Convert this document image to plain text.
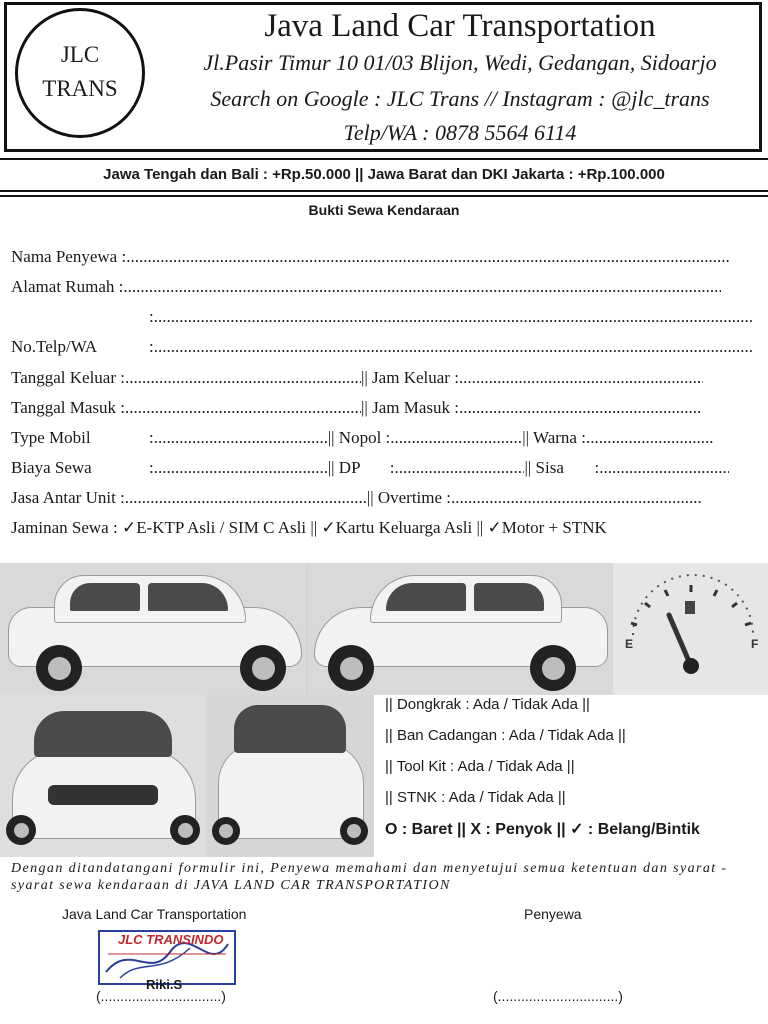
JLC
TRANS
Java Land Car Transportation
Jl.Pasir Timur 10 01/03 Blijon, Wedi, Gedangan, Sidoarjo
Search on Google : JLC Trans // Instagram : @jlc_trans
Telp/WA : 0878 5564 6114
Jawa Tengah dan Bali : +Rp.50.000 || Jawa Barat dan DKI Jakarta : +Rp.100.000
Bukti Sewa Kendaraan
Nama Penyewa :.....
Alamat Rumah :.....
:.....
No.Telp/WA	:.....
Tanggal Keluar : .....	|| Jam Keluar :.....
Tanggal Masuk : .....	|| Jam Masuk :.....
Type Mobil	: .....	|| Nopol : .....	|| Warna :.....
Biaya Sewa	: .....	|| DP : .....	|| Sisa :.....
Jasa Antar Unit : .....	|| Overtime :.....
Jaminan Sewa : ✓E-KTP Asli / SIM C Asli || ✓Kartu Keluarga Asli || ✓Motor + STNK
E	F
|| Dongkrak : Ada / Tidak Ada ||
|| Ban Cadangan : Ada / Tidak Ada ||
|| Tool Kit : Ada / Tidak Ada ||
|| STNK : Ada / Tidak Ada ||
O : Baret || X : Penyok || ✓ : Belang/Bintik
Dengan ditandatangani formulir ini, Penyewa memahami dan menyetujui semua ketentuan dan syarat - syarat sewa kendaraan di JAVA LAND CAR TRANSPORTATION
Java Land Car Transportation	Penyewa
JLC TRANSINDO
Riki.S
(...............................)	(...............................)
